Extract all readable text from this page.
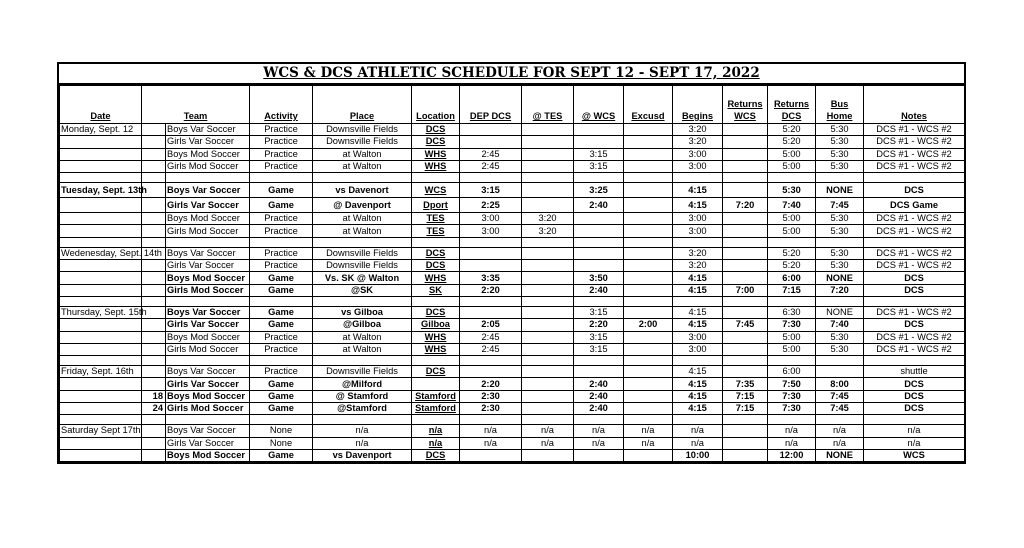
WCS & DCS ATHLETIC SCHEDULE FOR SEPT 12 - SEPT 17, 2022
Date	Team		Activity	Place	Location	DEP DCS	@ TES	@ WCS	Excusd	Begins	Returns WCS	Returns DCS	Bus Home	Notes
Monday, Sept. 12		Boys Var Soccer	Practice	Downsville Fields	DCS					3:20		5:20	5:30	DCS #1 - WCS #2
		Girls Var Soccer	Practice	Downsville Fields	DCS					3:20		5:20	5:30	DCS #1 - WCS #2
		Boys Mod Soccer	Practice	at Walton	WHS	2:45		3:15		3:00		5:00	5:30	DCS #1 - WCS #2
		Girls Mod Soccer	Practice	at Walton	WHS	2:45		3:15		3:00		5:00	5:30	DCS #1 - WCS #2

Tuesday, Sept. 13th		Boys Var Soccer	Game	vs Davenort	WCS	3:15		3:25		4:15		5:30	NONE	DCS
		Girls Var Soccer	Game	@ Davenport	Dport	2:25		2:40		4:15	7:20	7:40	7:45	DCS Game
		Boys Mod Soccer	Practice	at Walton	TES	3:00	3:20			3:00		5:00	5:30	DCS #1 - WCS #2
		Girls Mod Soccer	Practice	at Walton	TES	3:00	3:20			3:00		5:00	5:30	DCS #1 - WCS #2

Wedenesday, Sept. 14th		Boys Var Soccer	Practice	Downsville Fields	DCS					3:20		5:20	5:30	DCS #1 - WCS #2
		Girls Var Soccer	Practice	Downsville Fields	DCS					3:20		5:20	5:30	DCS #1 - WCS #2
		Boys Mod Soccer	Game	Vs. SK @ Walton	WHS	3:35		3:50		4:15		6:00	NONE	DCS
		Girls Mod Soccer	Game	@SK	SK	2:20		2:40		4:15	7:00	7:15	7:20	DCS

Thursday, Sept. 15th		Boys Var Soccer	Game	vs Gilboa	DCS			3:15		4:15		6:30	NONE	DCS #1 - WCS #2
		Girls Var Soccer	Game	@Gilboa	Gilboa	2:05		2:20	2:00	4:15	7:45	7:30	7:40	DCS
		Boys Mod Soccer	Practice	at Walton	WHS	2:45		3:15		3:00		5:00	5:30	DCS #1 - WCS #2
		Girls Mod Soccer	Practice	at Walton	WHS	2:45		3:15		3:00		5:00	5:30	DCS #1 - WCS #2

Friday, Sept. 16th		Boys Var Soccer	Practice	Downsville Fields	DCS					4:15		6:00		shuttle
		Girls Var Soccer	Game	@Milford		2:20		2:40		4:15	7:35	7:50	8:00	DCS
	18	Boys Mod Soccer	Game	@ Stamford	Stamford	2:30		2:40		4:15	7:15	7:30	7:45	DCS
	24	Girls Mod Soccer	Game	@Stamford	Stamford	2:30		2:40		4:15	7:15	7:30	7:45	DCS

Saturday Sept 17th		Boys Var Soccer	None	n/a	n/a	n/a	n/a	n/a	n/a	n/a		n/a	n/a	n/a
		Girls Var Soccer	None	n/a	n/a	n/a	n/a	n/a	n/a	n/a		n/a	n/a	n/a
		Boys Mod Soccer	Game	vs Davenport	DCS					10:00		12:00	NONE	WCS
